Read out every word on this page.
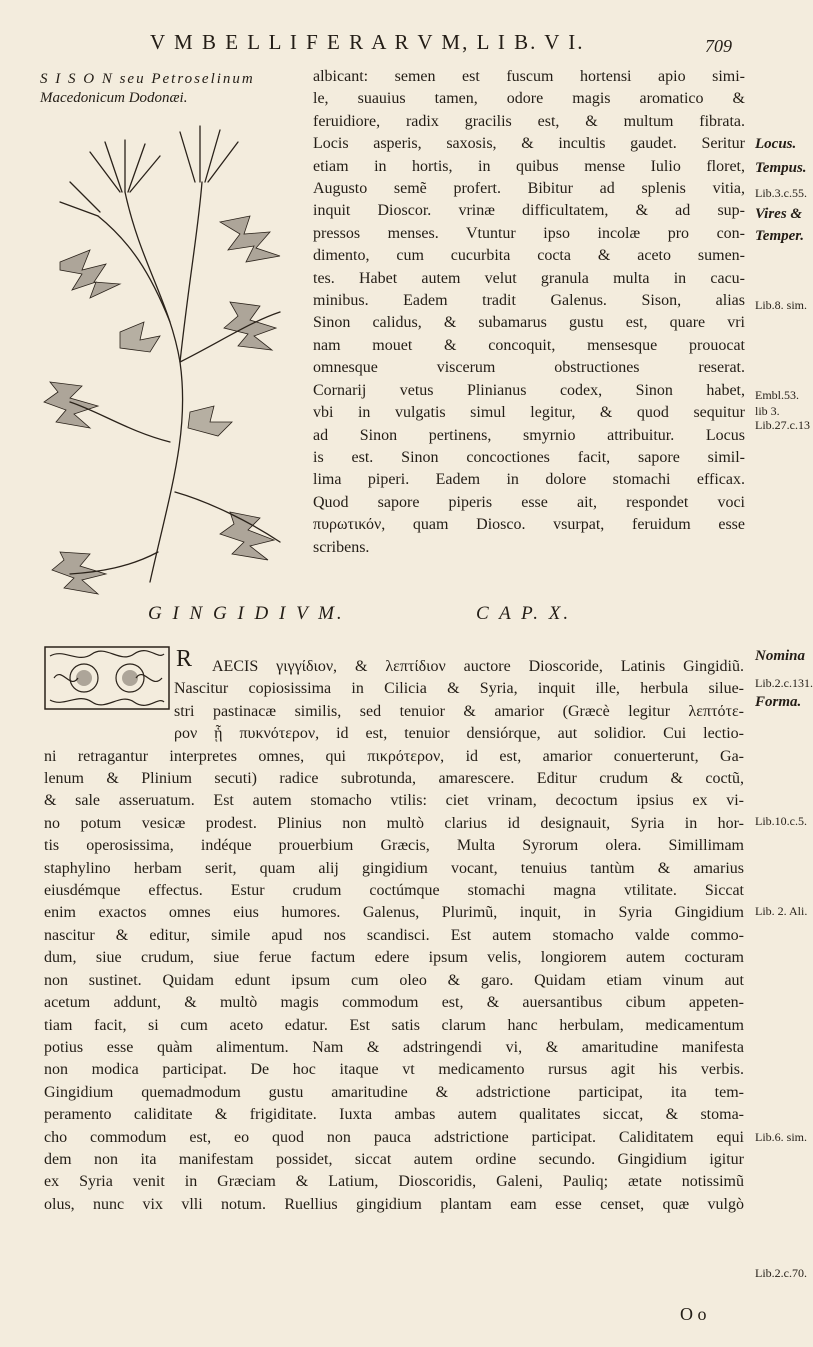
V M B E L L I F E R A R V M, L I B. V I.	709
S I S O N seu Petroselinum
Macedonicum Dodonæi.
albicant: semen est fuscum hortensi apio simi-
le, suauius tamen, odore magis aromatico &
feruidiore, radix gracilis est, & multum fibrata.
Locis asperis, saxosis, & incultis gaudet. Seritur
etiam in hortis, in quibus mense Iulio floret,
Augusto semẽ profert. Bibitur ad splenis vitia,
inquit Dioscor. vrinæ difficultatem, & ad sup-
pressos menses. Vtuntur ipso incolæ pro con-
dimento, cum cucurbita cocta & aceto sumen-
tes. Habet autem velut granula multa in cacu-
minibus. Eadem tradit Galenus. Sison, alias
Sinon calidus, & subamarus gustu est, quare vri
nam mouet & concoquit, mensesque prouocat
omnesque viscerum obstructiones reserat.
Cornarij vetus Plinianus codex, Sinon habet,
vbi in vulgatis simul legitur, & quod sequitur
ad Sinon pertinens, smyrnio attribuitur. Locus
is est. Sinon concoctiones facit, sapore simil-
lima piperi. Eadem in dolore stomachi efficax.
Quod sapore piperis esse ait, respondet voci
πυρωτικόν, quam Diosco. vsurpat, feruidum esse
scribens.
G I N G I D I V M.	C A P. X.
R	AECIS γιγγίδιον, & λεπτίδιον auctore Dioscoride, Latinis Gingidiũ.
Nascitur copiosissima in Cilicia & Syria, inquit ille, herbula silue-
stri pastinacæ similis, sed tenuior & amarior (Græcè legitur λεπτότε-
ρον ᾗ πυκνότερον, id est, tenuior densiórque, aut solidior. Cui lectio-
ni retragantur interpretes omnes, qui πικρότερον, id est, amarior conuerterunt, Ga-
lenum & Plinium secuti) radice subrotunda, amarescere. Editur crudum & coctũ,
& sale asseruatum. Est autem stomacho vtilis: ciet vrinam, decoctum ipsius ex vi-
no potum vesicæ prodest. Plinius non multò clarius id designauit, Syria in hor-
tis operosissima, indéque prouerbium Græcis, Multa Syrorum olera. Simillimam
staphylino herbam serit, quam alij gingidium vocant, tenuius tantùm & amarius
eiusdémque effectus. Estur crudum coctúmque stomachi magna vtilitate. Siccat
enim exactos omnes eius humores. Galenus, Plurimũ, inquit, in Syria Gingidium
nascitur & editur, simile apud nos scandisci. Est autem stomacho valde commo-
dum, siue crudum, siue ferue factum edere ipsum velis, longiorem autem cocturam
non sustinet. Quidam edunt ipsum cum oleo & garo. Quidam etiam vinum aut
acetum addunt, & multò magis commodum est, & auersantibus cibum appeten-
tiam facit, si cum aceto edatur. Est satis clarum hanc herbulam, medicamentum
potius esse quàm alimentum. Nam & adstringendi vi, & amaritudine manifesta
non modica participat. De hoc itaque vt medicamento rursus agit his verbis.
Gingidium quemadmodum gustu amaritudine & adstrictione participat, ita tem-
peramento caliditate & frigiditate. Iuxta ambas autem qualitates siccat, & stoma-
cho commodum est, eo quod non pauca adstrictione participat. Caliditatem equi
dem non ita manifestam possidet, siccat autem ordine secundo. Gingidium igitur
ex Syria venit in Græciam & Latium, Dioscoridis, Galeni, Pauliq; ætate notissimũ
olus, nunc vix vlli notum. Ruellius gingidium plantam eam esse censet, quæ vulgò
Locus.
Tempus.
Lib.3.c.55.
Vires &
Temper.
Lib.8. sim.
Embl.53.
lib 3.
Lib.27.c.13
Nomina
Lib.2.c.131.
Forma.
Lib.10.c.5.
Lib. 2. Ali.
Lib.6. sim.
Lib.2.c.70.
O o
